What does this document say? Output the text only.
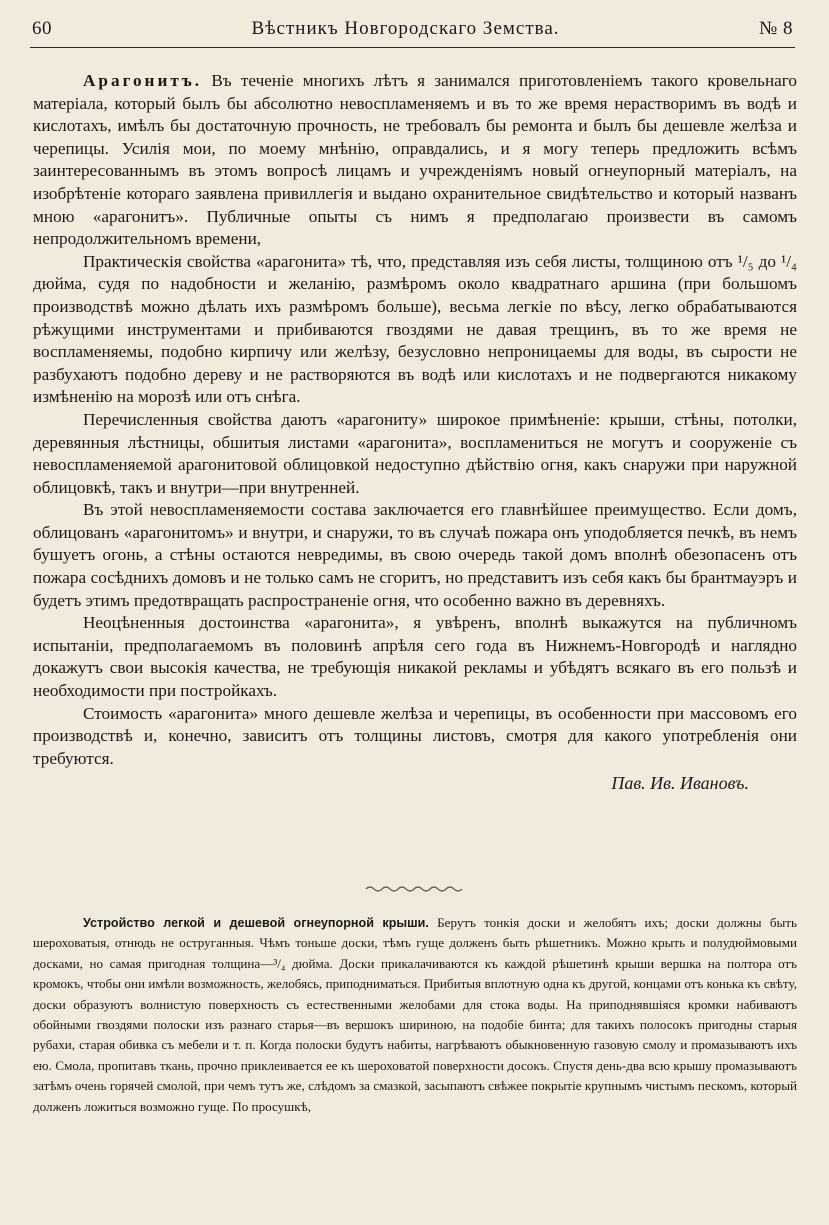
60	Вѣстникъ Новгородскаго Земства.	№ 8

Арагонитъ. Въ теченіе многихъ лѣтъ я занимался приготовленіемъ такого кровельнаго матеріала, который былъ бы абсолютно невоспламеняемъ и въ то же время нерастворимъ въ водѣ и кислотахъ, имѣлъ бы достаточную прочность, не требовалъ бы ремонта и былъ бы дешевле желѣза и черепицы. Усилія мои, по моему мнѣнію, оправдались, и я могу теперь предложить всѣмъ заинтересованнымъ въ этомъ вопросѣ лицамъ и учрежденіямъ новый огнеупорный матеріалъ, на изобрѣтеніе котораго заявлена привиллегія и выдано охранительное свидѣтельство и который названъ мною «арагонитъ». Публичные опыты съ нимъ я предполагаю произвести въ самомъ непродолжительномъ времени,

Практическія свойства «арагонита» тѣ, что, представляя изъ себя листы, толщиною отъ ¹/₅ до ¹/₄ дюйма, судя по надобности и желанію, размѣромъ около квадратнаго аршина (при большомъ производствѣ можно дѣлать ихъ размѣромъ больше), весьма легкіе по вѣсу, легко обрабатываются рѣжущими инструментами и прибиваются гвоздями не давая трещинъ, въ то же время не воспламеняемы, подобно кирпичу или желѣзу, безусловно непроницаемы для воды, въ сырости не разбухаютъ подобно дереву и не растворяются въ водѣ или кислотахъ и не подвергаются никакому измѣненію на морозѣ или отъ снѣга.

Перечисленныя свойства даютъ «арагониту» широкое примѣненіе: крыши, стѣны, потолки, деревянныя лѣстницы, обшитыя листами «арагонита», воспламениться не могутъ и сооруженіе съ невоспламеняемой арагонитовой облицовкой недоступно дѣйствію огня, какъ снаружи при наружной облицовкѣ, такъ и внутри—при внутренней.

Въ этой невоспламеняемости состава заключается его главнѣйшее преимущество. Если домъ, облицованъ «арагонитомъ» и внутри, и снаружи, то въ случаѣ пожара онъ уподобляется печкѣ, въ немъ бушуетъ огонь, а стѣны остаются невредимы, въ свою очередь такой домъ вполнѣ обезопасенъ отъ пожара сосѣднихъ домовъ и не только самъ не сгоритъ, но представитъ изъ себя какъ бы брантмауэръ и будетъ этимъ предотвращать распространеніе огня, что особенно важно въ деревняхъ.

Неоцѣненныя достоинства «арагонита», я увѣренъ, вполнѣ выкажутся на публичномъ испытаніи, предполагаемомъ въ половинѣ апрѣля сего года въ Нижнемъ-Новгородѣ и наглядно докажутъ свои высокія качества, не требующія никакой рекламы и убѣдятъ всякаго въ его пользѣ и необходимости при постройкахъ.

Стоимость «арагонита» много дешевле желѣза и черепицы, въ особенности при массовомъ его производствѣ и, конечно, зависитъ отъ толщины листовъ, смотря для какого употребленія они требуются.

Пав. Ив. Ивановъ.

Устройство легкой и дешевой огнеупорной крыши. Берутъ тонкія доски и желобятъ ихъ; доски должны быть шероховатыя, отнюдь не оструганныя. Чѣмъ тоньше доски, тѣмъ гуще долженъ быть рѣшетникъ. Можно крыть и полудюймовыми досками, но самая пригодная толщина—³/₄ дюйма. Доски прикалачиваются къ каждой рѣшетинѣ крыши вершка на полтора отъ кромокъ, чтобы они имѣли возможность, желобясь, приподниматься. Прибитыя вплотную одна къ другой, концами отъ конька къ свѣту, доски образуютъ волнистую поверхность съ естественными желобами для стока воды. На приподнявшіяся кромки набиваютъ обойными гвоздями полоски изъ разнаго старья—въ вершокъ шириною, на подобіе бинта; для такихъ полосокъ пригодны старыя рубахи, старая обивка съ мебели и т. п. Когда полоски будутъ набиты, нагрѣваютъ обыкновенную газовую смолу и промазываютъ ихъ ею. Смола, пропитавъ ткань, прочно приклеивается ее къ шероховатой поверхности досокъ. Спустя день-два всю крышу промазываютъ затѣмъ очень горячей смолой, при чемъ тутъ же, слѣдомъ за смазкой, засыпаютъ свѣжее покрытіе крупнымъ чистымъ пескомъ, который долженъ ложиться возможно гуще. По просушкѣ,
